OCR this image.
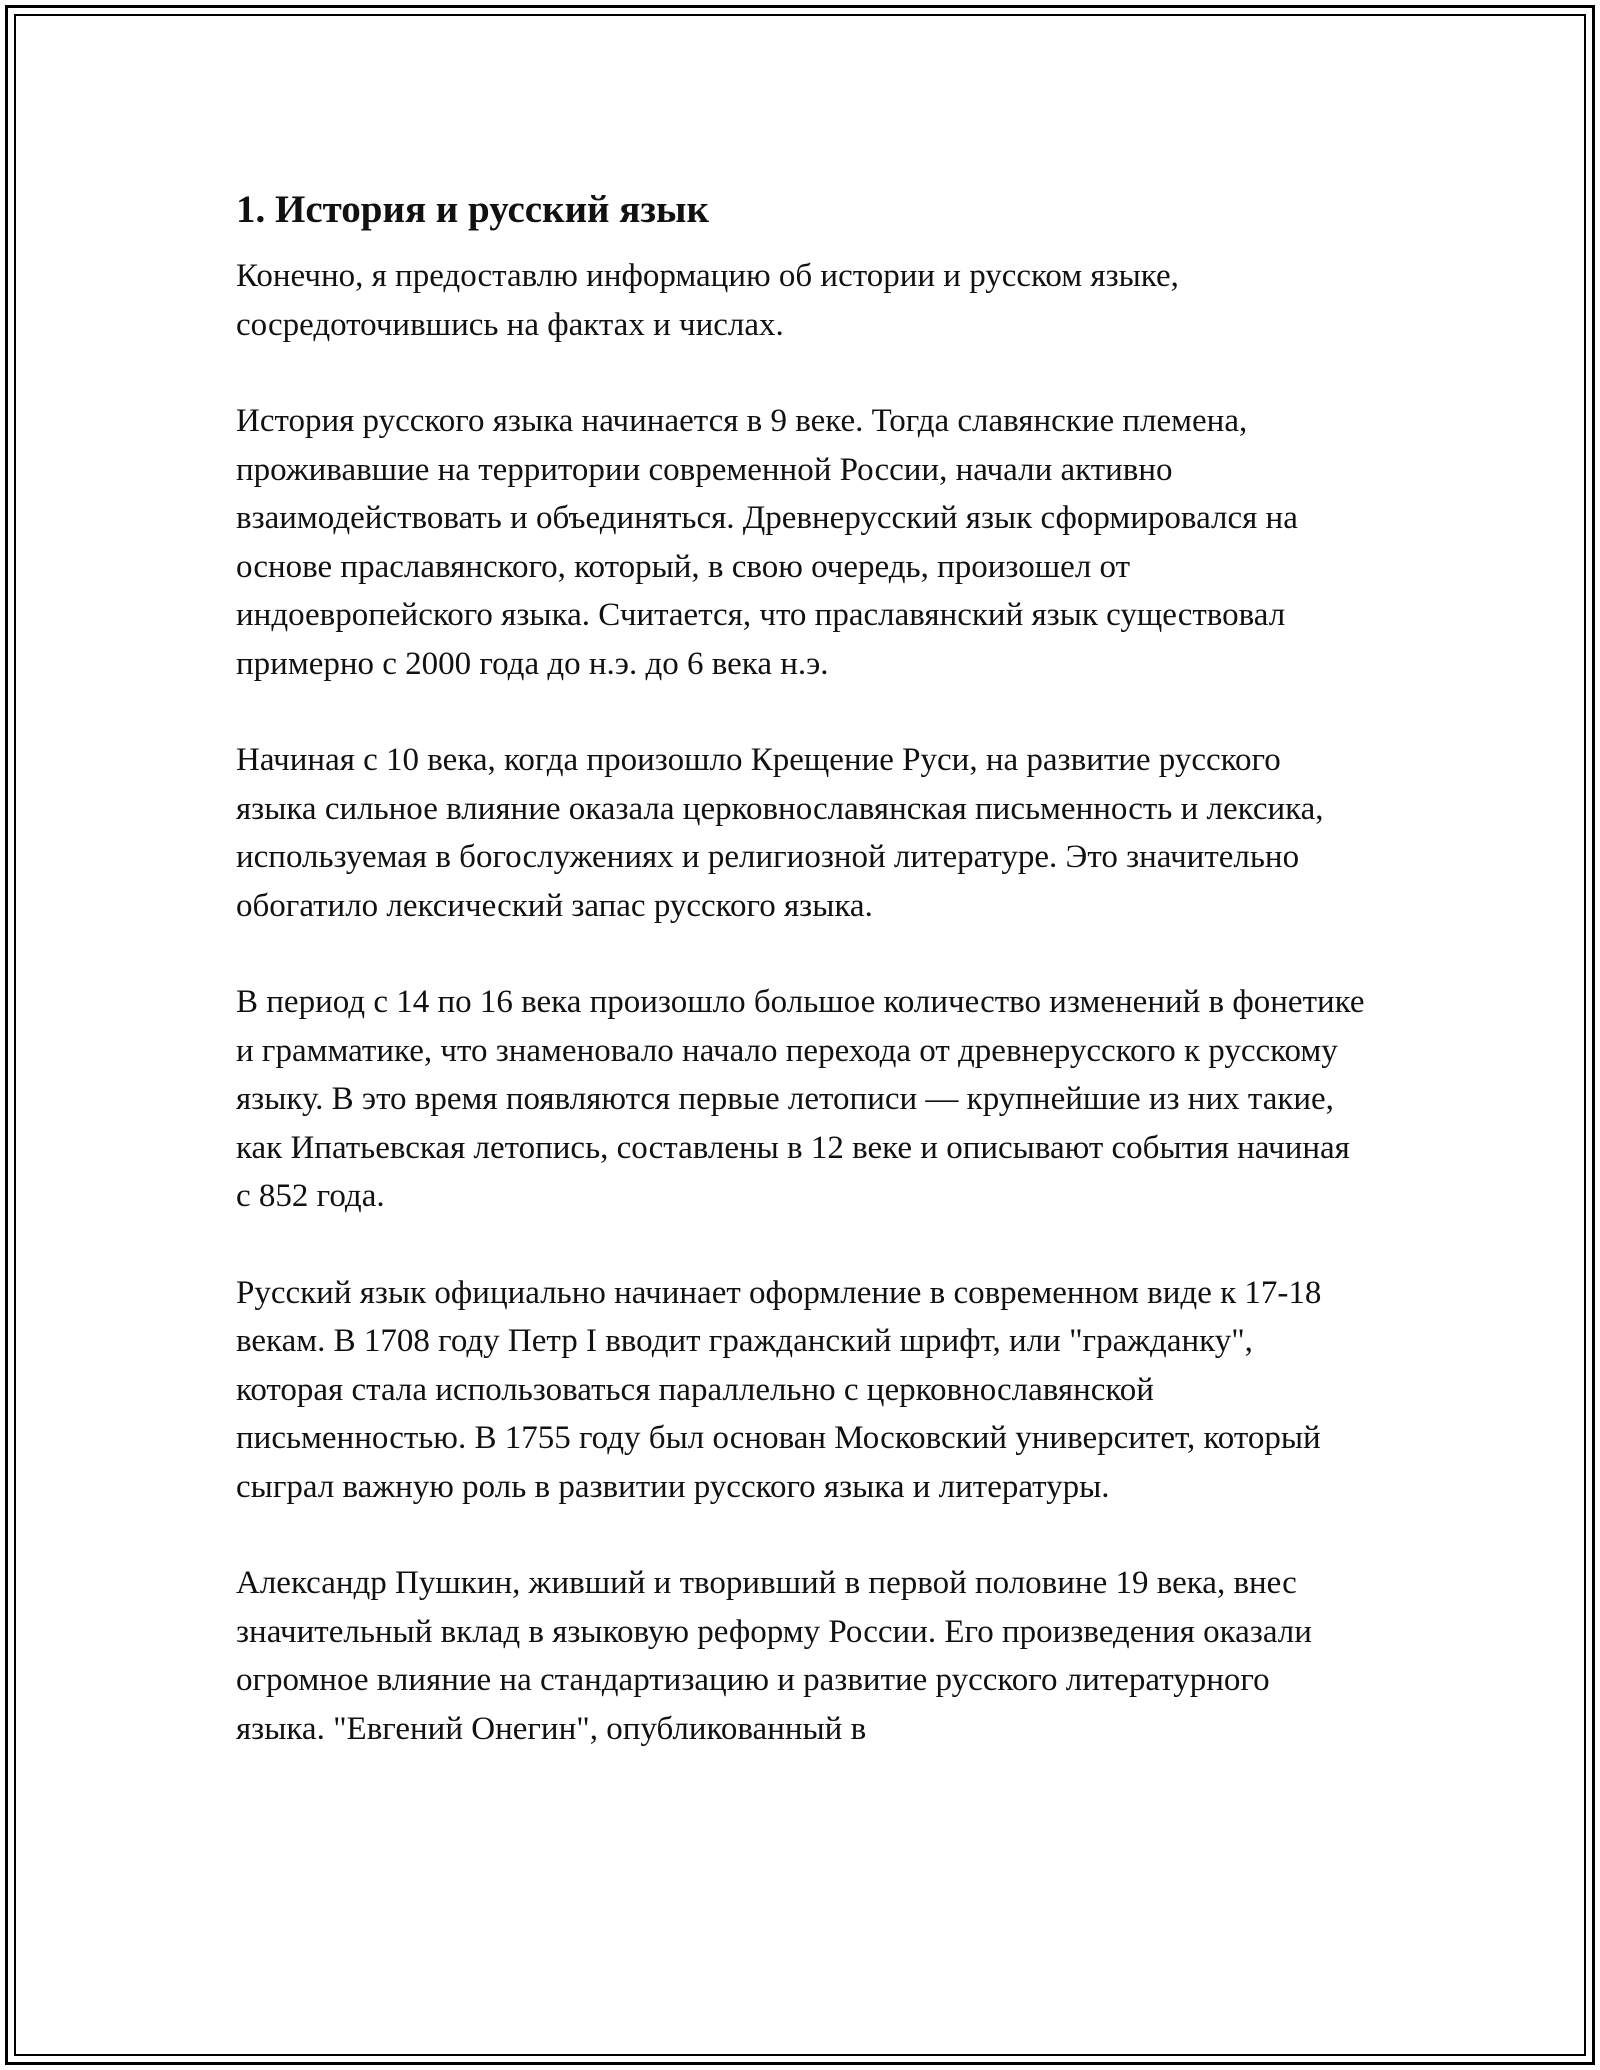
1. История и русский язык

Конечно, я предоставлю информацию об истории и русском языке, сосредоточившись на фактах и числах.

История русского языка начинается в 9 веке. Тогда славянские племена, проживавшие на территории современной России, начали активно взаимодействовать и объединяться. Древнерусский язык сформировался на основе праславянского, который, в свою очередь, произошел от индоевропейского языка. Считается, что праславянский язык существовал примерно с 2000 года до н.э. до 6 века н.э.

Начиная с 10 века, когда произошло Крещение Руси, на развитие русского языка сильное влияние оказала церковнославянская письменность и лексика, используемая в богослужениях и религиозной литературе. Это значительно обогатило лексический запас русского языка.

В период с 14 по 16 века произошло большое количество изменений в фонетике и грамматике, что знаменовало начало перехода от древнерусского к русскому языку. В это время появляются первые летописи — крупнейшие из них такие, как Ипатьевская летопись, составлены в 12 веке и описывают события начиная с 852 года.

Русский язык официально начинает оформление в современном виде к 17-18 векам. В 1708 году Петр I вводит гражданский шрифт, или "гражданку", которая стала использоваться параллельно с церковнославянской письменностью. В 1755 году был основан Московский университет, который сыграл важную роль в развитии русского языка и литературы.

Александр Пушкин, живший и творивший в первой половине 19 века, внес значительный вклад в языковую реформу России. Его произведения оказали огромное влияние на стандартизацию и развитие русского литературного языка. "Евгений Онегин", опубликованный в
